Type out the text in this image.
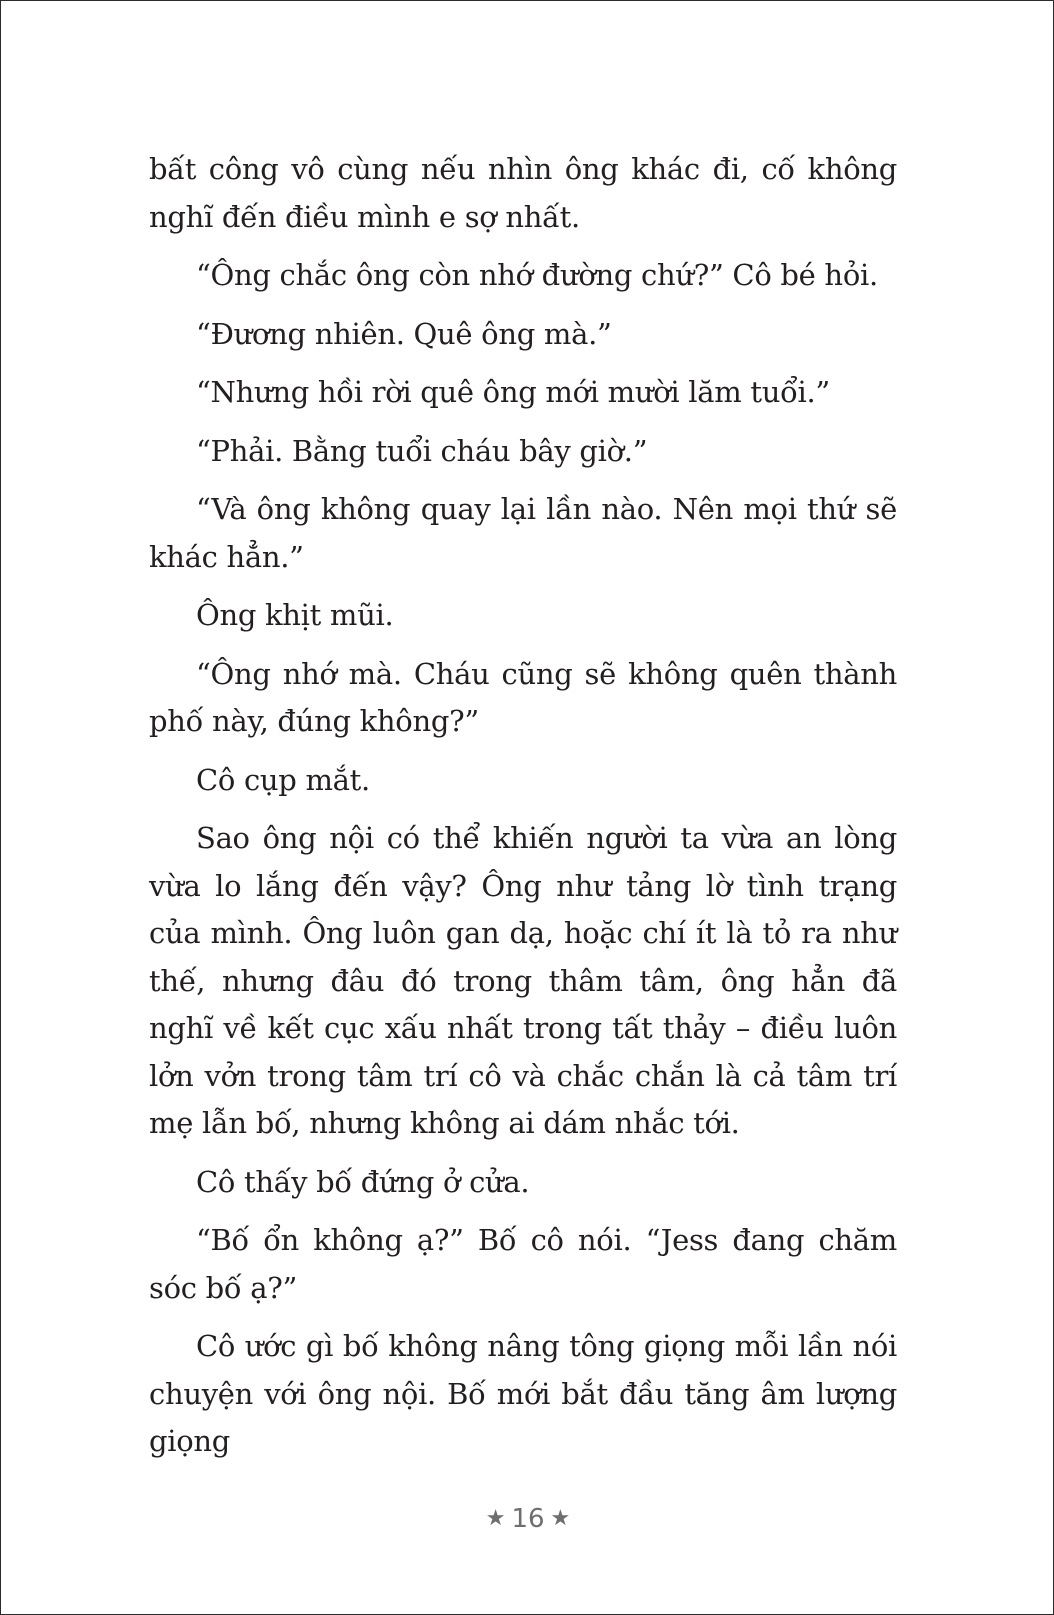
bất công vô cùng nếu nhìn ông khác đi, cố không nghĩ đến điều mình e sợ nhất.

“Ông chắc ông còn nhớ đường chứ?” Cô bé hỏi.

“Đương nhiên. Quê ông mà.”

“Nhưng hồi rời quê ông mới mười lăm tuổi.”

“Phải. Bằng tuổi cháu bây giờ.”

“Và ông không quay lại lần nào. Nên mọi thứ sẽ khác hẳn.”

Ông khịt mũi.

“Ông nhớ mà. Cháu cũng sẽ không quên thành phố này, đúng không?”

Cô cụp mắt.

Sao ông nội có thể khiến người ta vừa an lòng vừa lo lắng đến vậy? Ông như tảng lờ tình trạng của mình. Ông luôn gan dạ, hoặc chí ít là tỏ ra như thế, nhưng đâu đó trong thâm tâm, ông hẳn đã nghĩ về kết cục xấu nhất trong tất thảy – điều luôn lởn vởn trong tâm trí cô và chắc chắn là cả tâm trí mẹ lẫn bố, nhưng không ai dám nhắc tới.

Cô thấy bố đứng ở cửa.

“Bố ổn không ạ?” Bố cô nói. “Jess đang chăm sóc bố ạ?”

Cô ước gì bố không nâng tông giọng mỗi lần nói chuyện với ông nội. Bố mới bắt đầu tăng âm lượng giọng

★ 16 ★
